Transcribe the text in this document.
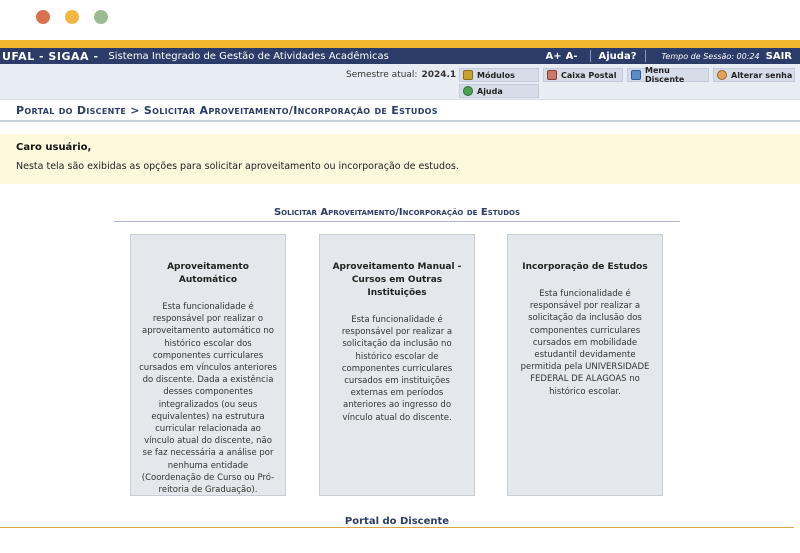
UFAL - SIGAA - Sistema Integrado de Gestão de Atividades Acadêmicas	A+ A- Ajuda?	Tempo de Sessão: 00:24 SAIR
Semestre atual: 2024.1	Módulos	Caixa Postal	Menu Discente	Alterar senha
Ajuda
Portal do Discente > Solicitar Aproveitamento/Incorporação de Estudos
Caro usuário,
Nesta tela são exibidas as opções para solicitar aproveitamento ou incorporação de estudos.
Solicitar Aproveitamento/Incorporação de Estudos
Aproveitamento Automático
Esta funcionalidade é responsável por realizar o aproveitamento automático no histórico escolar dos componentes curriculares cursados em vínculos anteriores do discente. Dada a existência desses componentes integralizados (ou seus equivalentes) na estrutura curricular relacionada ao vínculo atual do discente, não se faz necessária a análise por nenhuma entidade (Coordenação de Curso ou Pró-reitoria de Graduação).
Aproveitamento Manual - Cursos em Outras Instituições
Esta funcionalidade é responsável por realizar a solicitação da inclusão no histórico escolar de componentes curriculares cursados em instituições externas em períodos anteriores ao ingresso do vínculo atual do discente.
Incorporação de Estudos
Esta funcionalidade é responsável por realizar a solicitação da inclusão dos componentes curriculares cursados em mobilidade estudantil devidamente permitida pela UNIVERSIDADE FEDERAL DE ALAGOAS no histórico escolar.
Portal do Discente
